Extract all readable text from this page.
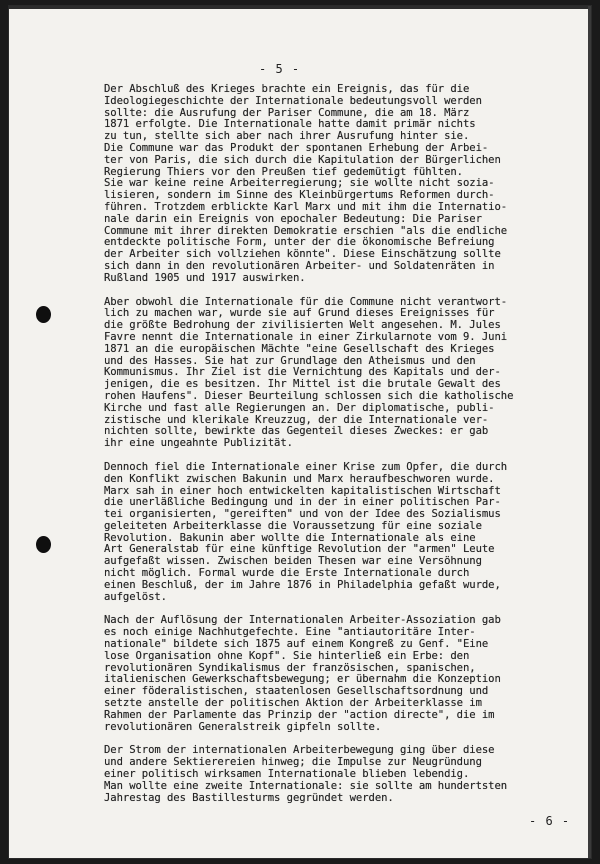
- 5 -

Der Abschluß des Krieges brachte ein Ereignis, das für die
Ideologiegeschichte der Internationale bedeutungsvoll werden
sollte: die Ausrufung der Pariser Commune, die am 18. März
1871 erfolgte. Die Internationale hatte damit primär nichts
zu tun, stellte sich aber nach ihrer Ausrufung hinter sie.
Die Commune war das Produkt der spontanen Erhebung der Arbei-
ter von Paris, die sich durch die Kapitulation der Bürgerlichen
Regierung Thiers vor den Preußen tief gedemütigt fühlten.
Sie war keine reine Arbeiterregierung; sie wollte nicht sozia-
lisieren, sondern im Sinne des Kleinbürgertums Reformen durch-
führen. Trotzdem erblickte Karl Marx und mit ihm die Internatio-
nale darin ein Ereignis von epochaler Bedeutung: Die Pariser
Commune mit ihrer direkten Demokratie erschien "als die endliche
entdeckte politische Form, unter der die ökonomische Befreiung
der Arbeiter sich vollziehen könnte". Diese Einschätzung sollte
sich dann in den revolutionären Arbeiter- und Soldatenräten in
Rußland 1905 und 1917 auswirken.

Aber obwohl die Internationale für die Commune nicht verantwort-
lich zu machen war, wurde sie auf Grund dieses Ereignisses für
die größte Bedrohung der zivilisierten Welt angesehen. M. Jules
Favre nennt die Internationale in einer Zirkularnote vom 9. Juni
1871 an die europäischen Mächte "eine Gesellschaft des Krieges
und des Hasses. Sie hat zur Grundlage den Atheismus und den
Kommunismus. Ihr Ziel ist die Vernichtung des Kapitals und der-
jenigen, die es besitzen. Ihr Mittel ist die brutale Gewalt des
rohen Haufens". Dieser Beurteilung schlossen sich die katholische
Kirche und fast alle Regierungen an. Der diplomatische, publi-
zistische und klerikale Kreuzzug, der die Internationale ver-
nichten sollte, bewirkte das Gegenteil dieses Zweckes: er gab
ihr eine ungeahnte Publizität.

Dennoch fiel die Internationale einer Krise zum Opfer, die durch
den Konflikt zwischen Bakunin und Marx heraufbeschworen wurde.
Marx sah in einer hoch entwickelten kapitalistischen Wirtschaft
die unerläßliche Bedingung und in der in einer politischen Par-
tei organisierten, "gereiften" und von der Idee des Sozialismus
geleiteten Arbeiterklasse die Voraussetzung für eine soziale
Revolution. Bakunin aber wollte die Internationale als eine
Art Generalstab für eine künftige Revolution der "armen" Leute
aufgefaßt wissen. Zwischen beiden Thesen war eine Versöhnung
nicht möglich. Formal wurde die Erste Internationale durch
einen Beschluß, der im Jahre 1876 in Philadelphia gefaßt wurde,
aufgelöst.

Nach der Auflösung der Internationalen Arbeiter-Assoziation gab
es noch einige Nachhutgefechte. Eine "antiautoritäre Inter-
nationale" bildete sich 1875 auf einem Kongreß zu Genf. "Eine
lose Organisation ohne Kopf". Sie hinterließ ein Erbe: den
revolutionären Syndikalismus der französischen, spanischen,
italienischen Gewerkschaftsbewegung; er übernahm die Konzeption
einer föderalistischen, staatenlosen Gesellschaftsordnung und
setzte anstelle der politischen Aktion der Arbeiterklasse im
Rahmen der Parlamente das Prinzip der "action directe", die im
revolutionären Generalstreik gipfeln sollte.

Der Strom der internationalen Arbeiterbewegung ging über diese
und andere Sektierereien hinweg; die Impulse zur Neugründung
einer politisch wirksamen Internationale blieben lebendig.
Man wollte eine zweite Internationale: sie sollte am hundertsten
Jahrestag des Bastillesturms gegründet werden.

- 6 -
